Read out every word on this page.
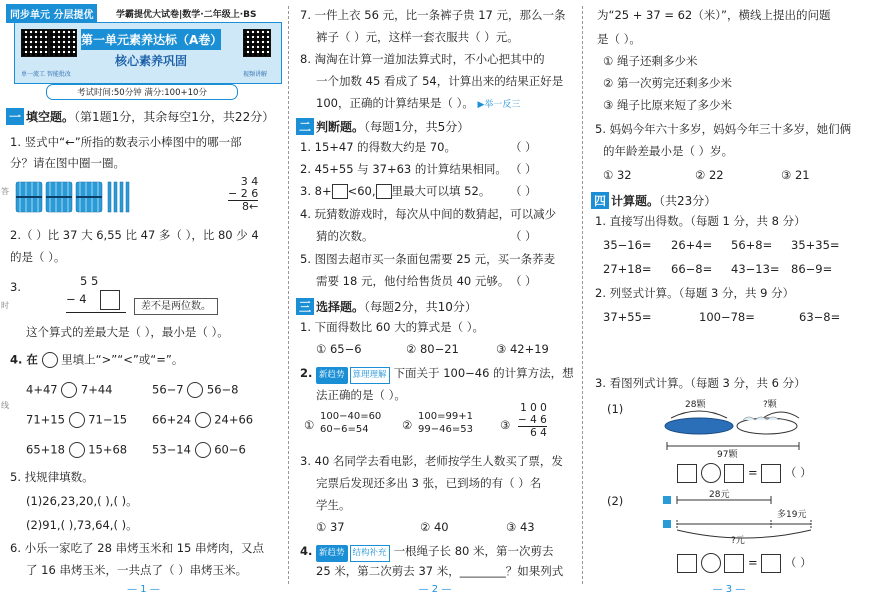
同步单元 分层提优	学霸提优大试卷|数学·二年级上·BS
单一流工 智能批改
第一单元素养达标（A卷）
核心素养巩固
视频讲解
考试时间:50分钟 满分:100+10分
一 填空题。（第1题1分，其余每空1分，共22分）
1. 竖式中“←”所指的数表示小棒图中的哪一部
分？请在图中圈一圈。
3 4
− 2 6
8←
2.（ ）比 37 大 6,55 比 47 多（ ），比 80 少 4
的是（ ）。
3.	5 5
− 4
差不是两位数。
这个算式的差最大是（ ），最小是（ ）。
4. 在 里填上“>”“<”或“=”。
4+47 7+44	56−7 56−8
71+15 71−15 66+24 24+66
65+18 15+68 53−14 60−6
5. 找规律填数。
(1)26,23,20,( ),( )。
(2)91,( ),73,64,( )。
6. 小乐一家吃了 28 串烤玉米和 15 串烤肉，又点
了 16 串烤玉米，一共点了（ ）串烤玉米。
— 1 —
7. 一件上衣 56 元，比一条裤子贵 17 元，那么一条
裤子（ ）元，这样一套衣服共（ ）元。
8. 淘淘在计算一道加法算式时，不小心把其中的
一个加数 45 看成了 54，计算出来的结果正好是
100，正确的计算结果是（ ）。 ▶举一反三
二 判断题。（每题1分，共5分）
1. 15+47 的得数大约是 70。	（ ）
2. 45+55 与 37+63 的计算结果相同。 （ ）
3. 8+ <60, 里最大可以填 52。 （ ）
4. 玩猜数游戏时，每次从中间的数猜起，可以减少
猜的次数。	（ ）
5. 图图去超市买一条面包需要 25 元，买一条荞麦
需要 18 元，他付给售货员 40 元够。 （ ）
三 选择题。（每题2分，共10分）
1. 下面得数比 60 大的算式是（ ）。
① 65−6	② 80−21	③ 42+19
2. 新趋势 算理理解 下面关于 100−46 的计算方法，想
法正确的是（ ）。
①
100−40=60
60−6=54	②
100=99+1
99−46=53 ③
1 0 0
− 4 6
6 4
3. 40 名同学去看电影，老师按学生人数买了票，发
完票后发现还多出 3 张，已到场的有（ ）名
学生。
① 37	② 40	③ 43
4. 新趋势 结构补充 一根绳子长 80 米，第一次剪去
25 米，第二次剪去 37 米，________？如果列式
— 2 —
为“25 + 37 = 62（米）”，横线上提出的问题
是（ ）。
① 绳子还剩多少米
② 第一次剪完还剩多少米
③ 绳子比原来短了多少米
5. 妈妈今年六十多岁，妈妈今年三十多岁，她们俩
的年龄差最小是（ ）岁。
① 32	② 22	③ 21
四 计算题。（共23分）
1. 直接写出得数。（每题 1 分，共 8 分）
35−16= 26+4= 56+8= 35+35=
27+18= 66−8= 43−13= 86−9=
2. 列竖式计算。（每题 3 分，共 9 分）
37+55=	100−78=	63−8=
3. 看图列式计算。（每题 3 分，共 6 分）
(1)	28颗	?颗
97颗
=  （ ）
(2)	28元
多19元
?元
=  （ ）
— 3 —
答
时
线
